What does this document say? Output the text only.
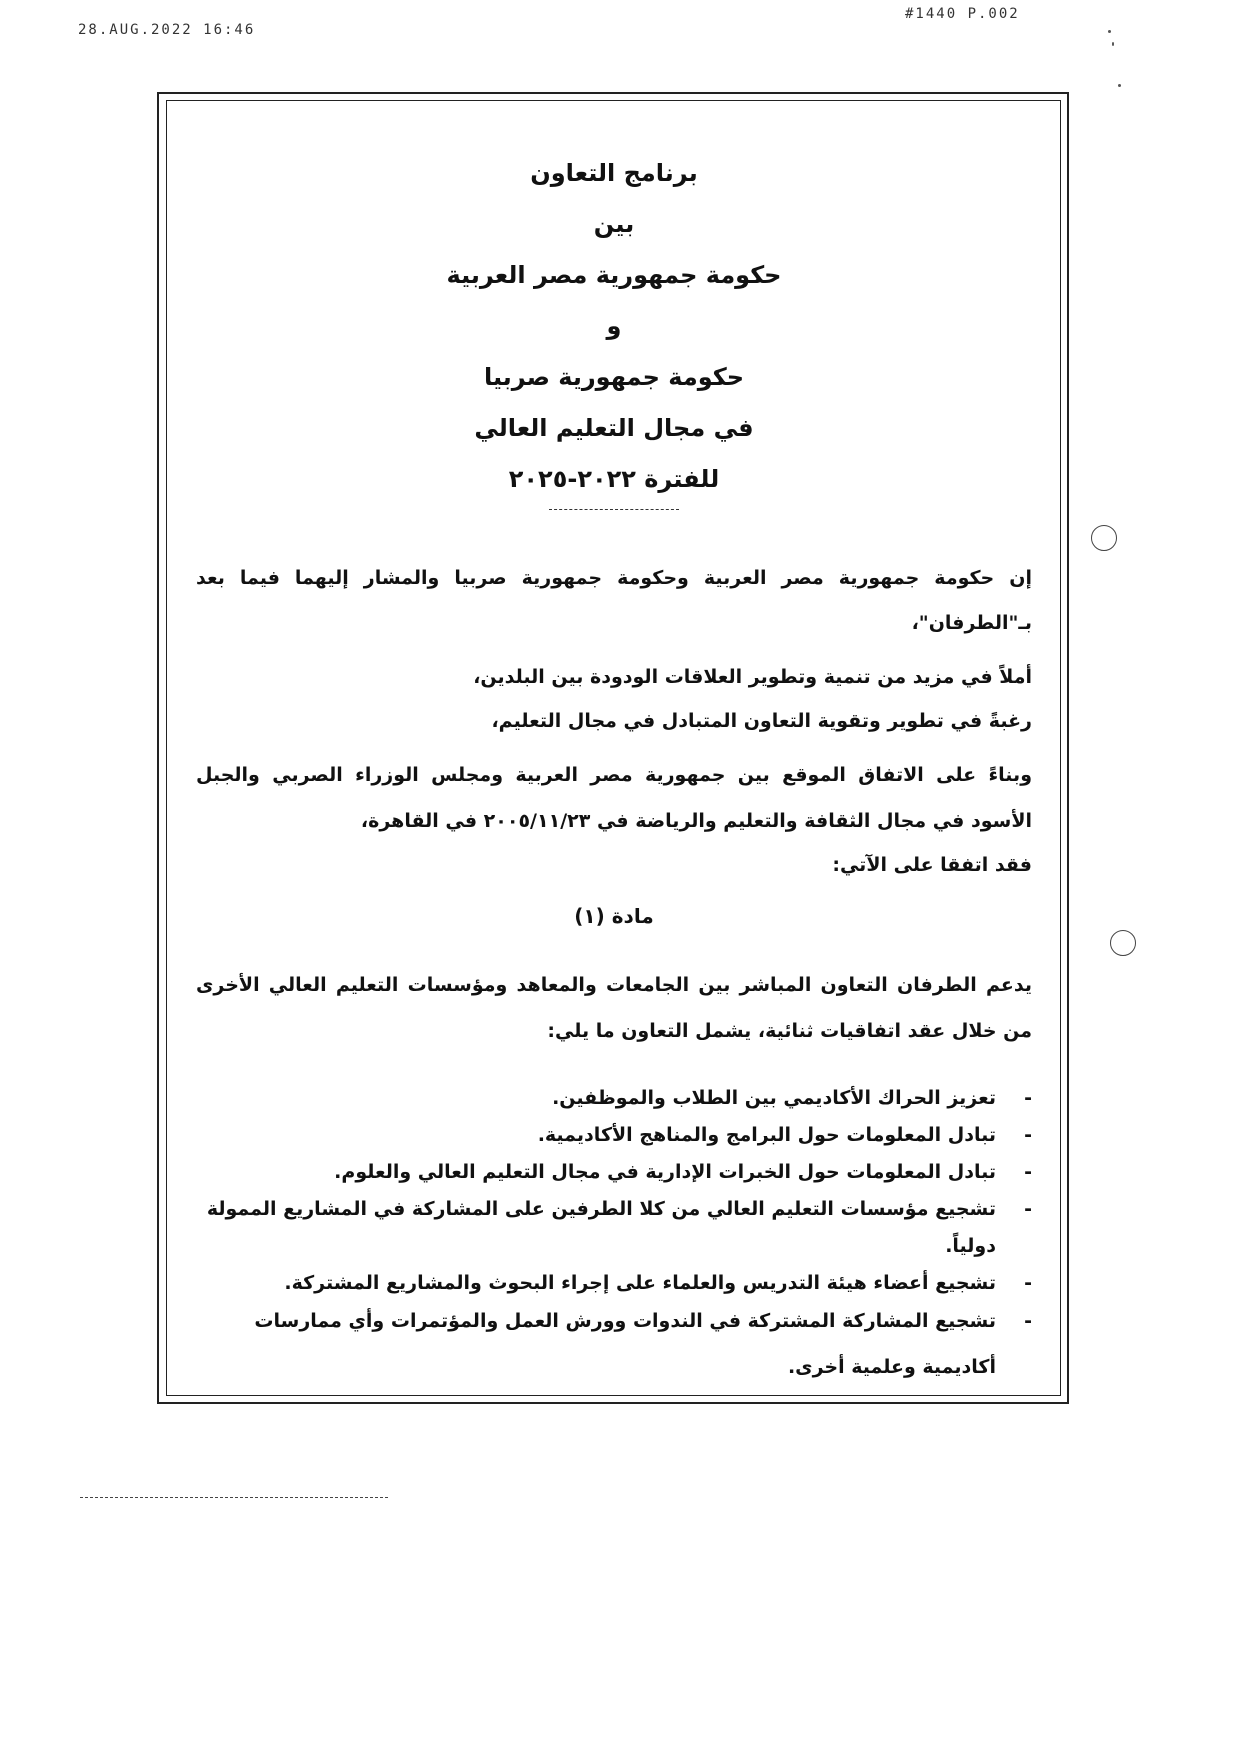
28.AUG.2022 16:46
#1440 P.002
برنامج التعاون
بين
حكومة جمهورية مصر العربية
و
حكومة جمهورية صربيا
في مجال التعليم العالي
للفترة ٢٠٢٢-٢٠٢٥

إن حكومة جمهورية مصر العربية وحكومة جمهورية صربيا والمشار إليهما فيما بعد بـ"الطرفان"،

أملاً في مزيد من تنمية وتطوير العلاقات الودودة بين البلدين،

رغبةً في تطوير وتقوية التعاون المتبادل في مجال التعليم،

وبناءً على الاتفاق الموقع بين جمهورية مصر العربية ومجلس الوزراء الصربي والجبل الأسود في مجال الثقافة والتعليم والرياضة في ٢٠٠٥/١١/٢٣ في القاهرة،

فقد اتفقا على الآتي:

مادة (١)

يدعم الطرفان التعاون المباشر بين الجامعات والمعاهد ومؤسسات التعليم العالي الأخرى من خلال عقد اتفاقيات ثنائية، يشمل التعاون ما يلي:

-
تعزيز الحراك الأكاديمي بين الطلاب والموظفين.
-
تبادل المعلومات حول البرامج والمناهج الأكاديمية.
-
تبادل المعلومات حول الخبرات الإدارية في مجال التعليم العالي والعلوم.
-
تشجيع مؤسسات التعليم العالي من كلا الطرفين على المشاركة في المشاريع الممولة دولياً.
-
تشجيع أعضاء هيئة التدريس والعلماء على إجراء البحوث والمشاريع المشتركة.
-
تشجيع المشاركة المشتركة في الندوات وورش العمل والمؤتمرات وأي ممارسات أكاديمية وعلمية أخرى.
